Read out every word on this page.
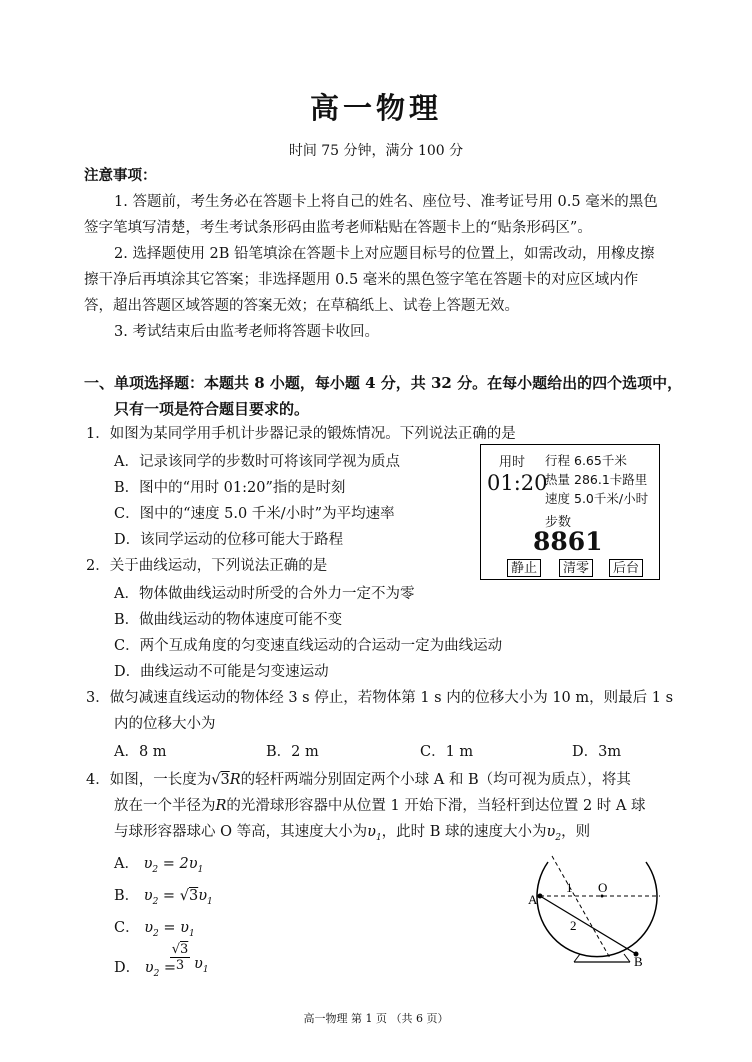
高一物理
时间 75 分钟，满分 100 分
注意事项：
1. 答题前，考生务必在答题卡上将自己的姓名、座位号、准考证号用 0.5 毫米的黑色
签字笔填写清楚，考生考试条形码由监考老师粘贴在答题卡上的“贴条形码区”。
2. 选择题使用 2B 铅笔填涂在答题卡上对应题目标号的位置上，如需改动，用橡皮擦
擦干净后再填涂其它答案；非选择题用 0.5 毫米的黑色签字笔在答题卡的对应区域内作
答，超出答题区域答题的答案无效；在草稿纸上、试卷上答题无效。
3. 考试结束后由监考老师将答题卡收回。
一、单项选择题：本题共 8 小题，每小题 4 分，共 32 分。在每小题给出的四个选项中，
只有一项是符合题目要求的。
1．如图为某同学用手机计步器记录的锻炼情况。下列说法正确的是
A．记录该同学的步数时可将该同学视为质点
B．图中的“用时 01:20”指的是时刻
C．图中的“速度 5.0 千米/小时”为平均速率
D．该同学运动的位移可能大于路程
用时
01:20
行程 6.65千米
热量 286.1卡路里
速度 5.0千米/小时
步数
8861
静止	清零	后台
2．关于曲线运动，下列说法正确的是
A．物体做曲线运动时所受的合外力一定不为零
B．做曲线运动的物体速度可能不变
C．两个互成角度的匀变速直线运动的合运动一定为曲线运动
D．曲线运动不可能是匀变速运动
3．做匀减速直线运动的物体经 3 s 停止，若物体第 1 s 内的位移大小为 10 m，则最后 1 s
内的位移大小为
A．8 m	B．2 m	C．1 m	D．3m
4．如图，一长度为√3R的轻杆两端分别固定两个小球 A 和 B（均可视为质点），将其
放在一个半径为R的光滑球形容器中从位置 1 开始下滑，当轻杆到达位置 2 时 A 球
与球形容器球心 O 等高，其速度大小为$\upsilon_1$，此时 B 球的速度大小为$\upsilon_2$，则
A． $\upsilon_2 = 2\upsilon_1$
B． $\upsilon_2 = √3\upsilon_1$
C． $\upsilon_2 = \upsilon_1$
D． $\upsilon_2$ =
√3
3 $\upsilon_1$
1 O
2
A
B
高一物理 第 1 页 （共 6 页）
